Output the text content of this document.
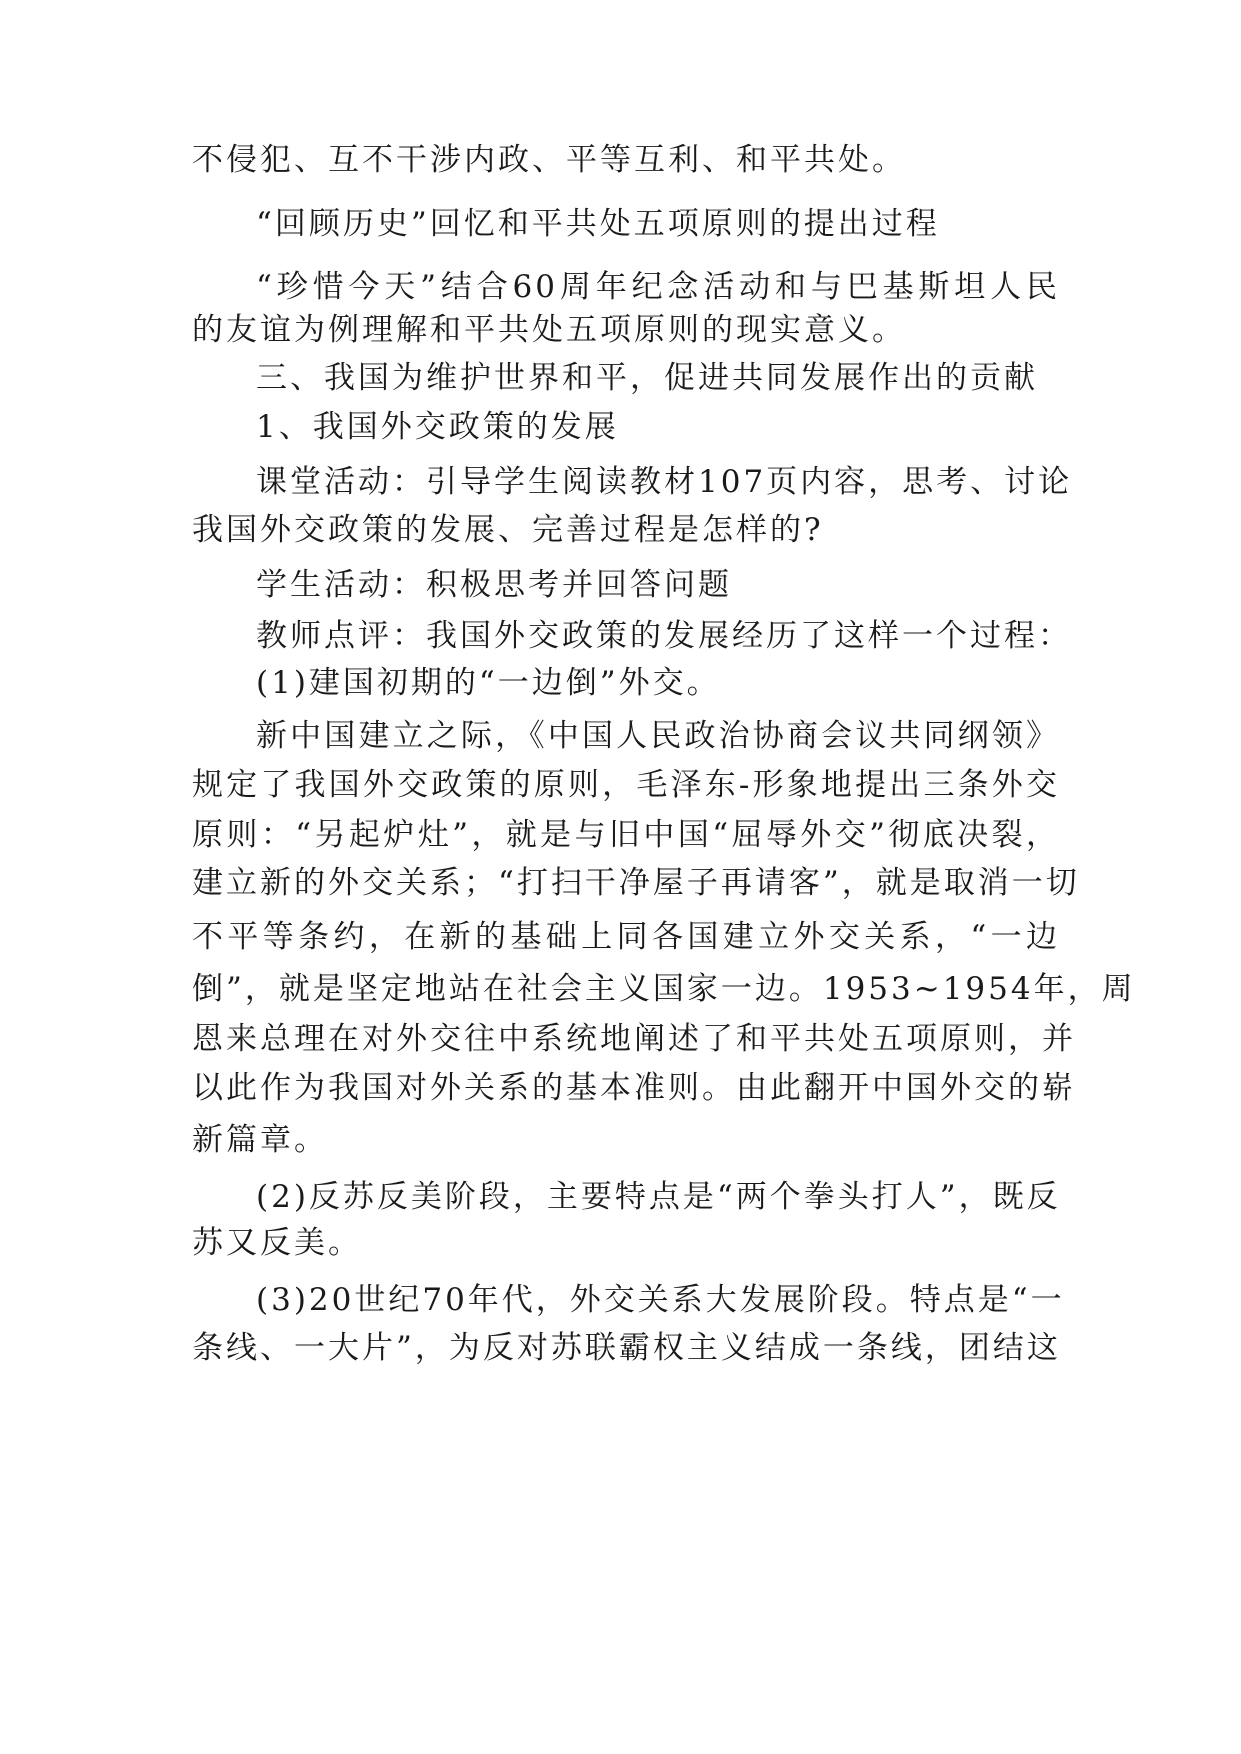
不侵犯、互不干涉内政、平等互利、和平共处。
“回顾历史”回忆和平共处五项原则的提出过程
“珍惜今天”结合60周年纪念活动和与巴基斯坦人民
的友谊为例理解和平共处五项原则的现实意义。
三、我国为维护世界和平，促进共同发展作出的贡献
1、我国外交政策的发展
课堂活动：引导学生阅读教材107页内容，思考、讨论
我国外交政策的发展、完善过程是怎样的?
学生活动：积极思考并回答问题
教师点评：我国外交政策的发展经历了这样一个过程：
(1)建国初期的“一边倒”外交。
新中国建立之际，《中国人民政治协商会议共同纲领》
规定了我国外交政策的原则，毛泽东-形象地提出三条外交
原则：“另起炉灶”，就是与旧中国“屈辱外交”彻底决裂，
建立新的外交关系；“打扫干净屋子再请客”，就是取消一切
不平等条约，在新的基础上同各国建立外交关系，“一边
倒”，就是坚定地站在社会主义国家一边。1953~1954年，周
恩来总理在对外交往中系统地阐述了和平共处五项原则，并
以此作为我国对外关系的基本准则。由此翻开中国外交的崭
新篇章。
(2)反苏反美阶段，主要特点是“两个拳头打人”，既反
苏又反美。
(3)20世纪70年代，外交关系大发展阶段。特点是“一
条线、一大片”，为反对苏联霸权主义结成一条线，团结这
